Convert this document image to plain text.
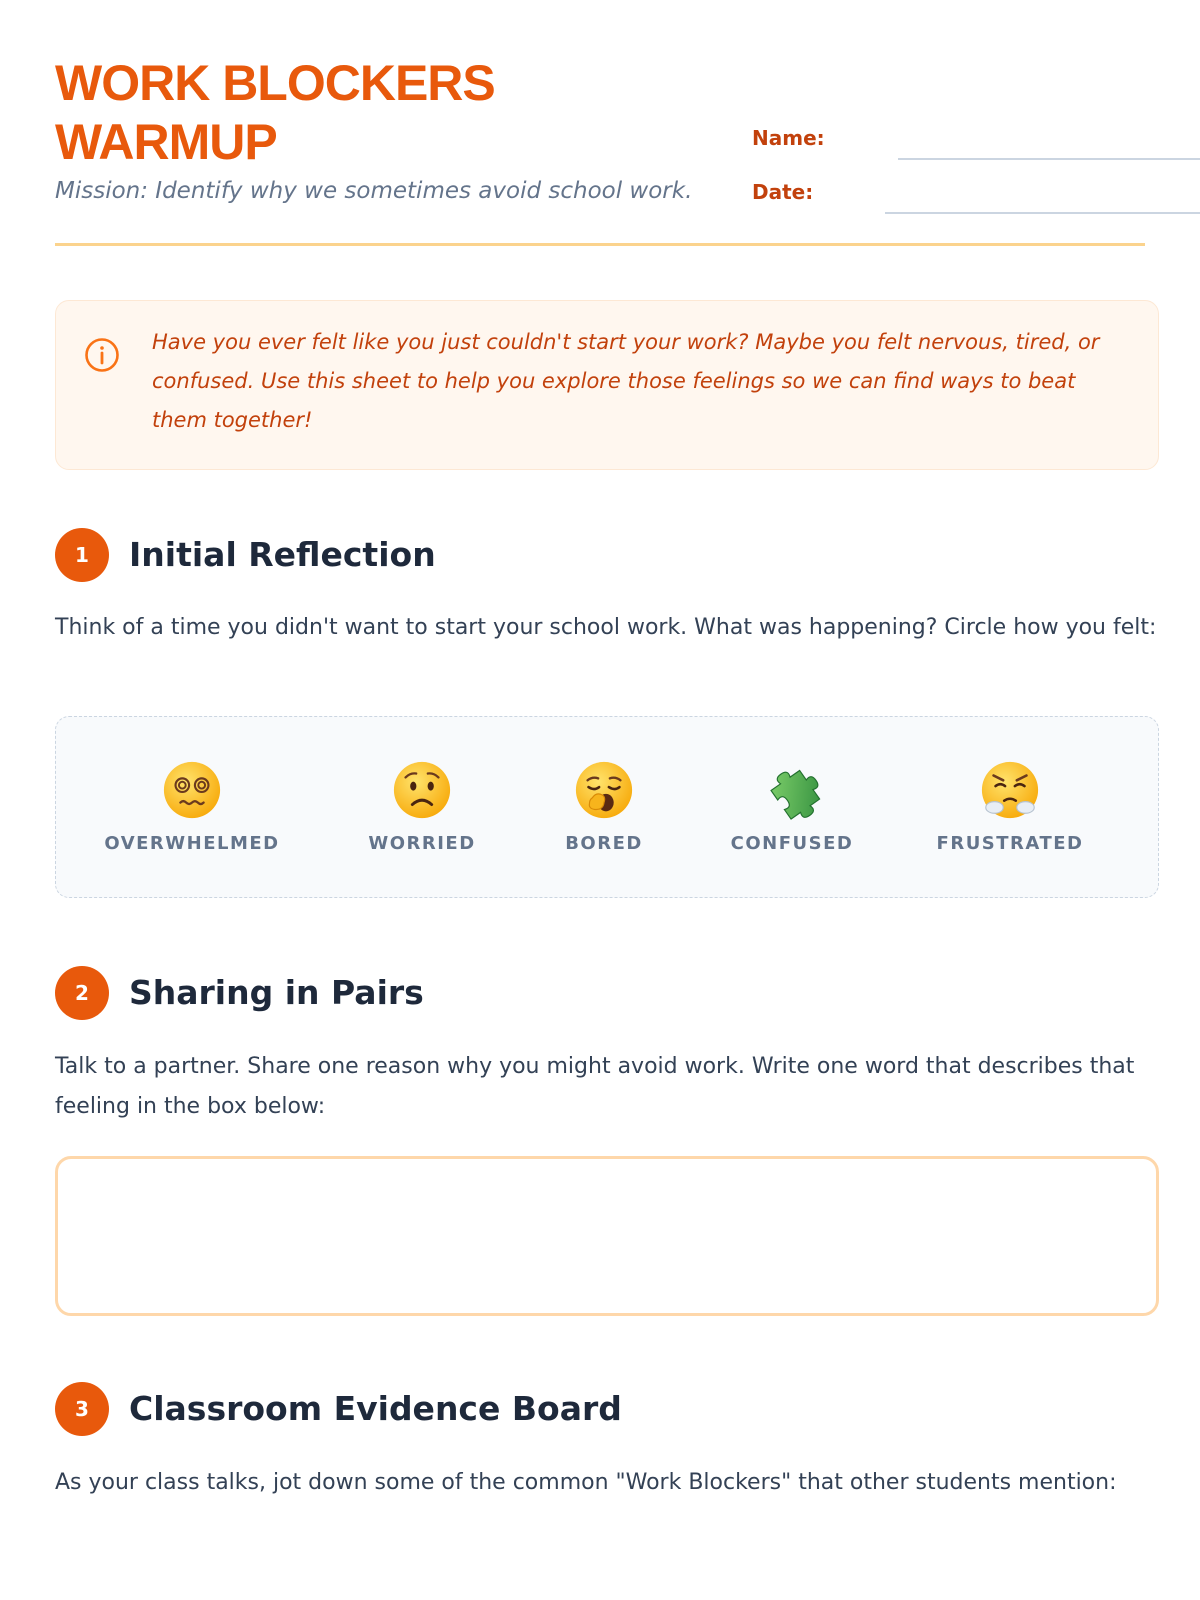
WORK BLOCKERS
WARMUP
Mission: Identify why we sometimes avoid school work.
Name:
Date:

Have you ever felt like you just couldn't start your work? Maybe you felt nervous, tired, or confused. Use this sheet to help you explore those feelings so we can find ways to beat them together!

1	Initial Reflection

Think of a time you didn't want to start your school work. What was happening? Circle how you felt:

OVERWHELMED	WORRIED	BORED	CONFUSED	FRUSTRATED
2	Sharing in Pairs

Talk to a partner. Share one reason why you might avoid work. Write one word that describes that feeling in the box below:

3	Classroom Evidence Board

As your class talks, jot down some of the common "Work Blockers" that other students mention:
